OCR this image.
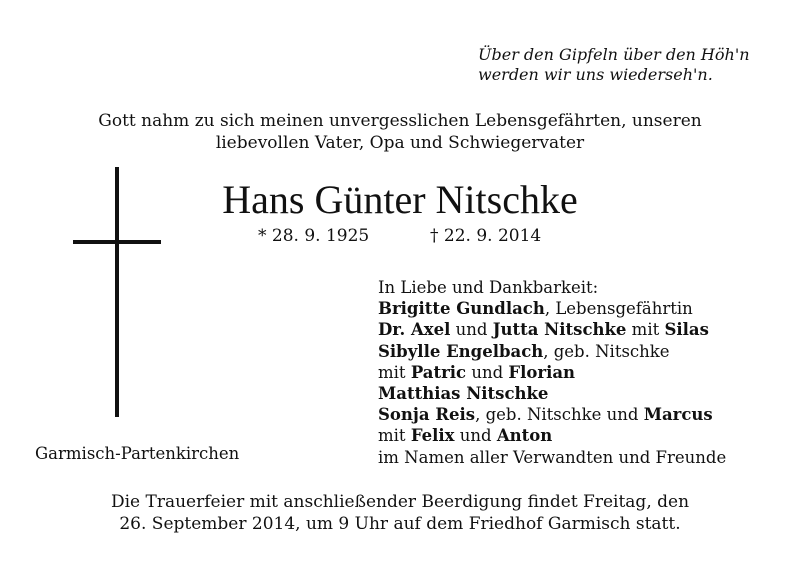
Über den Gipfeln über den Höh'n
werden wir uns wiederseh'n.
Gott nahm zu sich meinen unvergesslichen Lebensgefährten, unseren
liebevollen Vater, Opa und Schwiegervater
Hans Günter Nitschke
* 28. 9. 1925	† 22. 9. 2014
In Liebe und Dankbarkeit:
Brigitte Gundlach, Lebensgefährtin
Dr. Axel und Jutta Nitschke mit Silas
Sibylle Engelbach, geb. Nitschke
mit Patric und Florian
Matthias Nitschke
Sonja Reis, geb. Nitschke und Marcus
mit Felix und Anton
im Namen aller Verwandten und Freunde
Garmisch-Partenkirchen
Die Trauerfeier mit anschließender Beerdigung findet Freitag, den
26. September 2014, um 9 Uhr auf dem Friedhof Garmisch statt.
